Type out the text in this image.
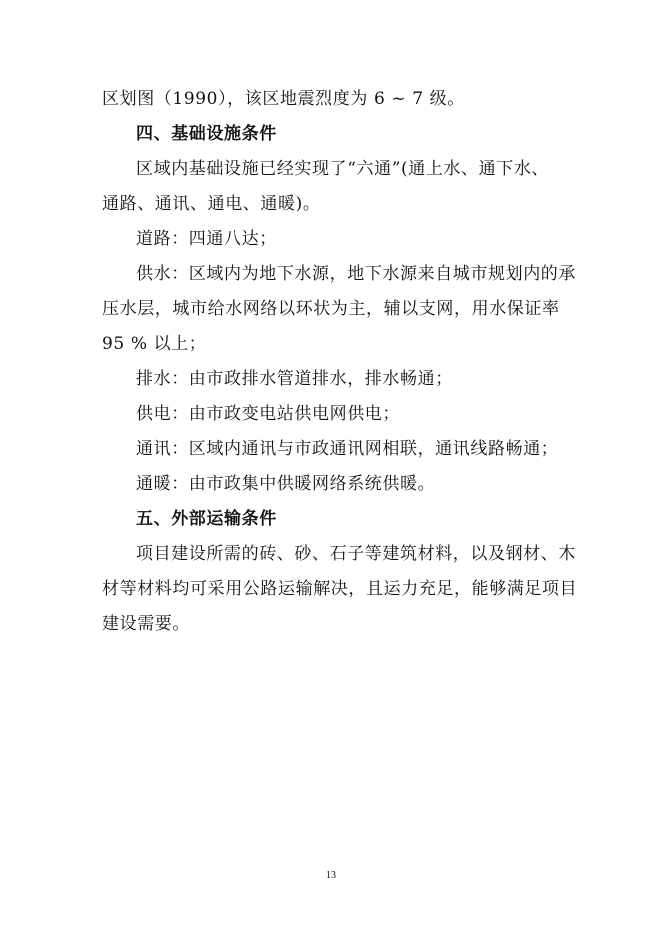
区划图（1990），该区地震烈度为 6 ~ 7 级。
四、基础设施条件
区域内基础设施已经实现了“六通”(通上水、通下水、
通路、通讯、通电、通暖)。
道路：四通八达；
供水：区域内为地下水源，地下水源来自城市规划内的承
压水层，城市给水网络以环状为主，辅以支网，用水保证率
95 % 以上；
排水：由市政排水管道排水，排水畅通；
供电：由市政变电站供电网供电；
通讯：区域内通讯与市政通讯网相联，通讯线路畅通；
通暖：由市政集中供暖网络系统供暖。
五、外部运输条件
项目建设所需的砖、砂、石子等建筑材料，以及钢材、木
材等材料均可采用公路运输解决，且运力充足，能够满足项目
建设需要。
13
